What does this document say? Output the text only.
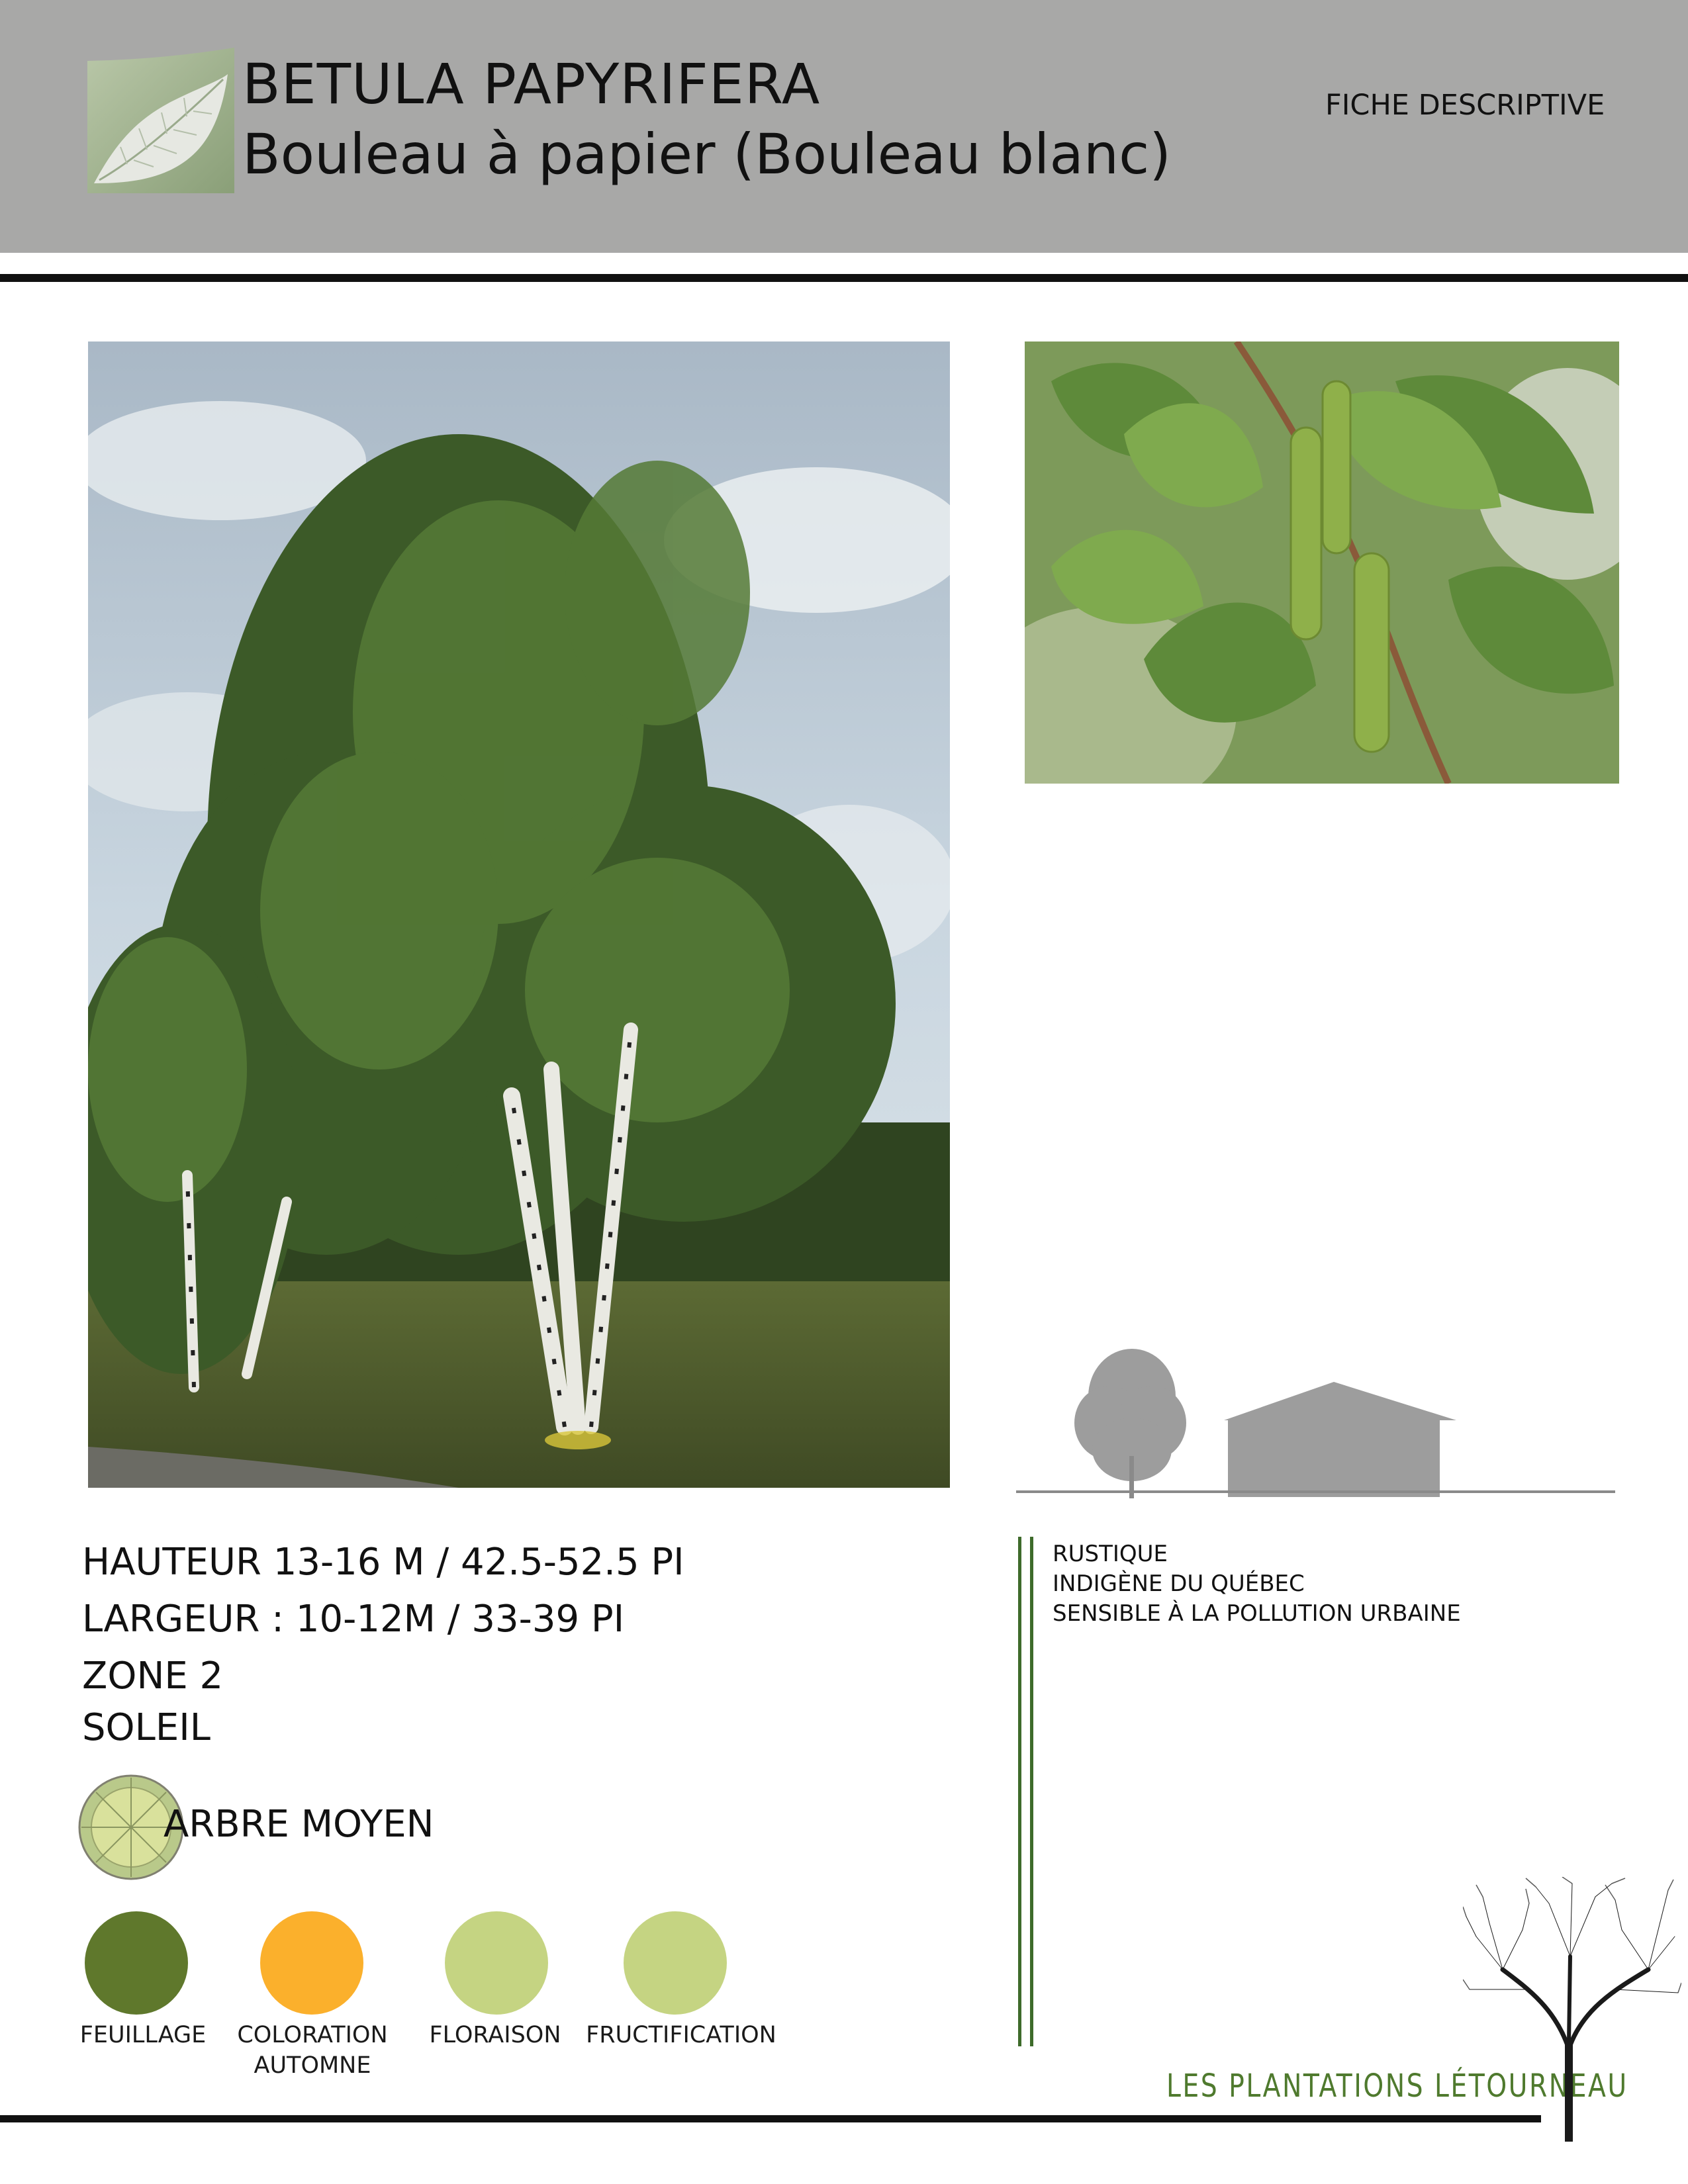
BETULA PAPYRIFERA
Bouleau à papier (Bouleau blanc)
FICHE DESCRIPTIVE
HAUTEUR 13-16 M / 42.5-52.5 PI
LARGEUR : 10-12M / 33-39 PI
ZONE 2
SOLEIL
ARBRE MOYEN
FEUILLAGE	COLORATION
AUTOMNE
FLORAISON	FRUCTIFICATION
RUSTIQUE
INDIGÈNE DU QUÉBEC
SENSIBLE À LA POLLUTION URBAINE
LES PLANTATIONS LÉTOURNEAU
